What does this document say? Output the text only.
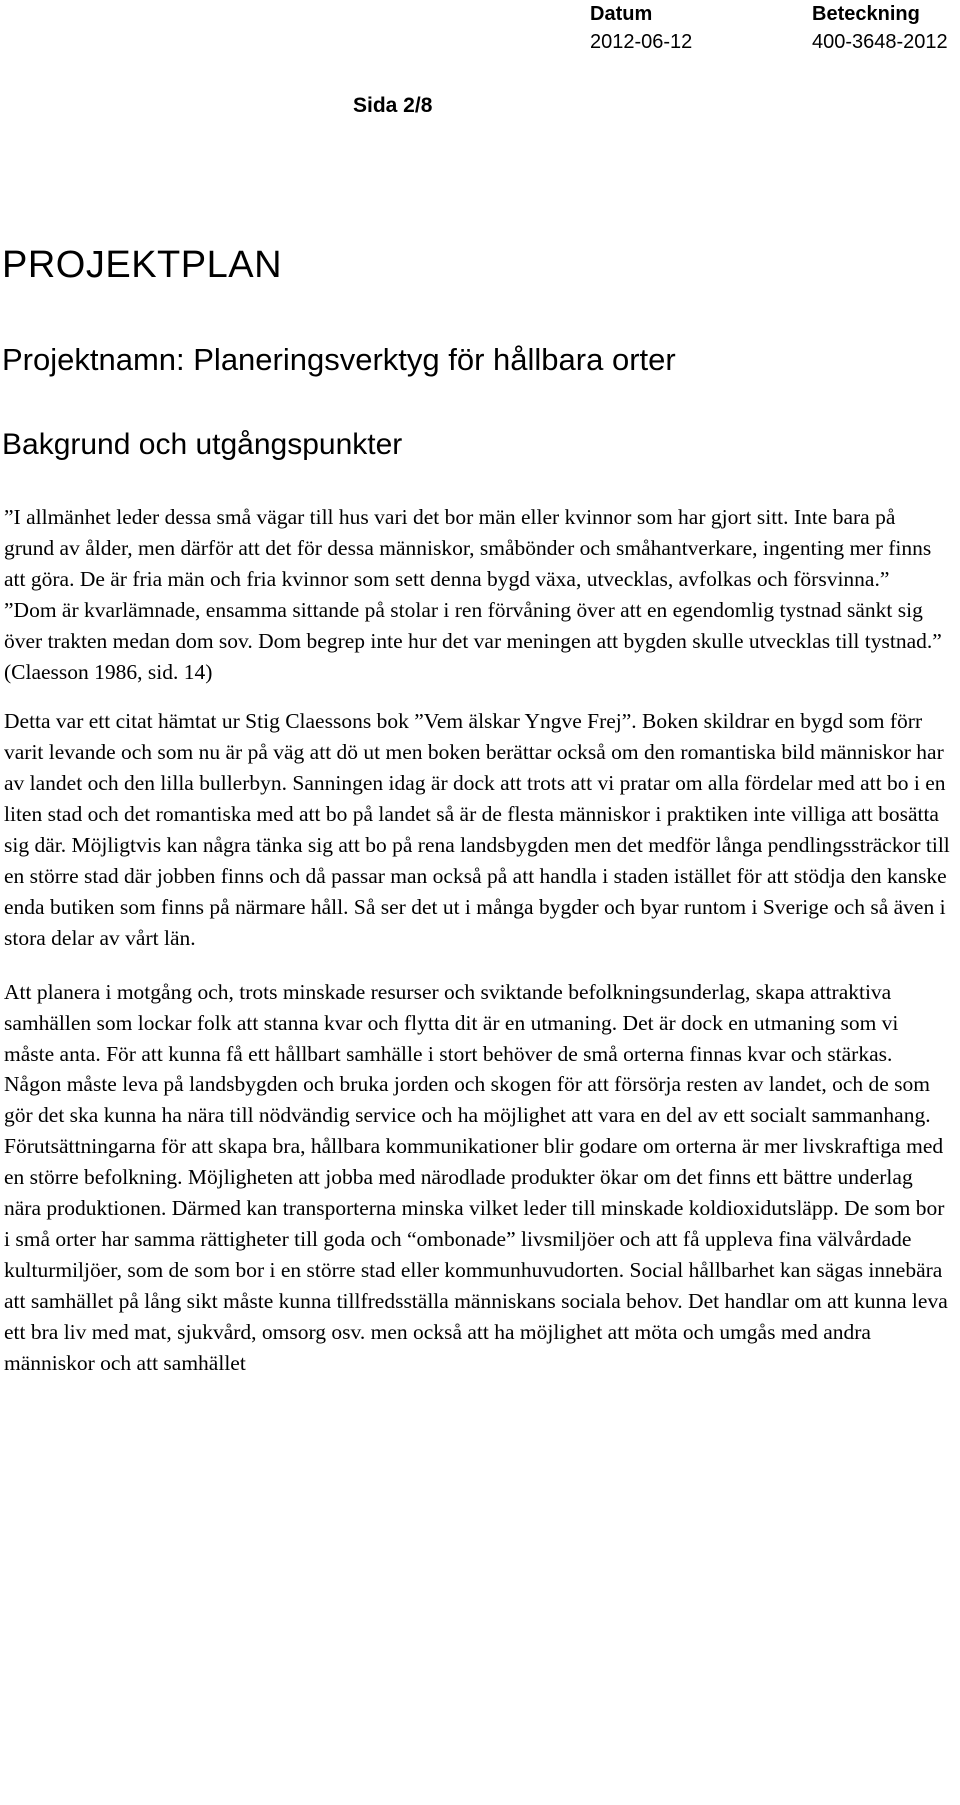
Datum
2012-06-12
Beteckning
400-3648-2012
Sida 2/8
PROJEKTPLAN
Projektnamn: Planeringsverktyg för hållbara orter
Bakgrund och utgångspunkter

”I allmänhet leder dessa små vägar till hus vari det bor män eller kvinnor som har gjort sitt. Inte bara på grund av ålder, men därför att det för dessa människor, småbönder och småhantverkare, ingenting mer finns att göra. De är fria män och fria kvinnor som sett denna bygd växa, utvecklas, avfolkas och försvinna.”

”Dom är kvarlämnade, ensamma sittande på stolar i ren förvåning över att en egendomlig tystnad sänkt sig över trakten medan dom sov. Dom begrep inte hur det var meningen att bygden skulle utvecklas till tystnad.” (Claesson 1986, sid. 14)

Detta var ett citat hämtat ur Stig Claessons bok ”Vem älskar Yngve Frej”. Boken skildrar en bygd som förr varit levande och som nu är på väg att dö ut men boken berättar också om den romantiska bild människor har av landet och den lilla bullerbyn. Sanningen idag är dock att trots att vi pratar om alla fördelar med att bo i en liten stad och det romantiska med att bo på landet så är de flesta människor i praktiken inte villiga att bosätta sig där. Möjligtvis kan några tänka sig att bo på rena landsbygden men det medför långa pendlingssträckor till en större stad där jobben finns och då passar man också på att handla i staden istället för att stödja den kanske enda butiken som finns på närmare håll. Så ser det ut i många bygder och byar runtom i Sverige och så även i stora delar av vårt län.

Att planera i motgång och, trots minskade resurser och sviktande befolkningsunderlag, skapa attraktiva samhällen som lockar folk att stanna kvar och flytta dit är en utmaning. Det är dock en utmaning som vi måste anta. För att kunna få ett hållbart samhälle i stort behöver de små orterna finnas kvar och stärkas. Någon måste leva på landsbygden och bruka jorden och skogen för att försörja resten av landet, och de som gör det ska kunna ha nära till nödvändig service och ha möjlighet att vara en del av ett socialt sammanhang. Förutsättningarna för att skapa bra, hållbara kommunikationer blir godare om orterna är mer livskraftiga med en större befolkning. Möjligheten att jobba med närodlade produkter ökar om det finns ett bättre underlag nära produktionen. Därmed kan transporterna minska vilket leder till minskade koldioxidutsläpp. De som bor i små orter har samma rättigheter till goda och “ombonade” livsmiljöer och att få uppleva fina välvårdade kulturmiljöer, som de som bor i en större stad eller kommunhuvudorten. Social hållbarhet kan sägas innebära att samhället på lång sikt måste kunna tillfredsställa människans sociala behov. Det handlar om att kunna leva ett bra liv med mat, sjukvård, omsorg osv. men också att ha möjlighet att möta och umgås med andra människor och att samhället
